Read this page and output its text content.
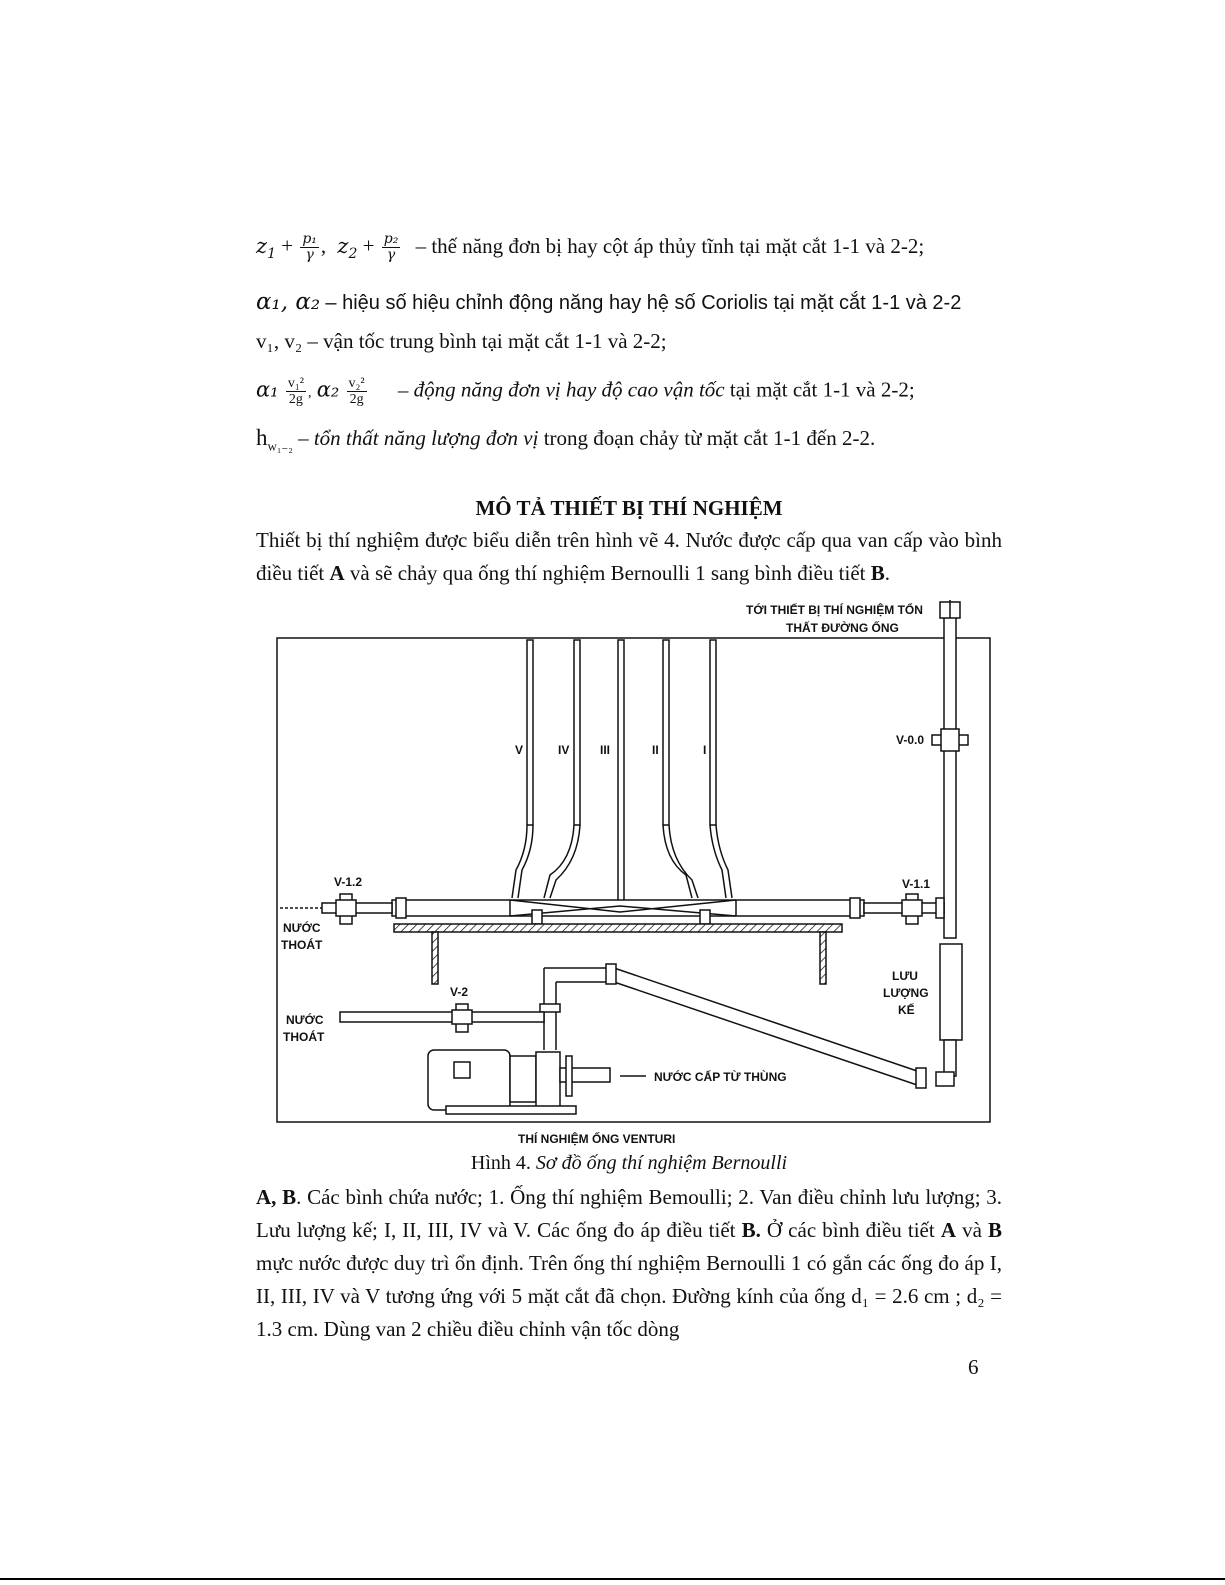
$z_1 + \frac{\text{p₁}}{\gamma}$ , $z_2 + \frac{\text{p₂}}{\gamma}$ – thế năng đơn bị hay cột áp thủy tĩnh tại mặt cắt 1-1 và 2-2;
α₁, α₂ – hiệu số hiệu chỉnh động năng hay hệ số Coriolis tại mặt cắt 1-1 và 2-2
v₁, v₂ – vận tốc trung bình tại mặt cắt 1-1 và 2-2;
$\alpha_1 \frac{\text{v₁²}}{2g}$ , $\alpha_2 \frac{\text{v₂²}}{2g}$ – động năng đơn vị hay độ cao vận tốc tại mặt cắt 1-1 và 2-2;
$h_{w_{1-2}}$ – tổn thất năng lượng đơn vị trong đoạn chảy từ mặt cắt 1-1 đến 2-2.
MÔ TẢ THIẾT BỊ THÍ NGHIỆM
Thiết bị thí nghiệm được biểu diễn trên hình vẽ 4. Nước được cấp qua van cấp vào bình điều tiết A và sẽ chảy qua ống thí nghiệm Bernoulli 1 sang bình điều tiết B.
TỚI THIẾT BỊ THÍ NGHIỆM TỔN
THẤT ĐƯỜNG ỐNG
V	IV	III	II	I
V-0.0
V-1.2	V-1.1
NƯỚC
THOÁT
V-2
NƯỚC
THOÁT
LƯU
LƯỢNG
KẾ
NƯỚC CẤP TỪ THÙNG
THÍ NGHIỆM ỐNG VENTURI
Hình 4. Sơ đồ ống thí nghiệm Bernoulli
A, B. Các bình chứa nước; 1. Ống thí nghiệm Bemoulli; 2. Van điều chỉnh lưu lượng; 3. Lưu lượng kế; I, II, III, IV và V. Các ống đo áp điều tiết B. Ở các bình điều tiết A và B mực nước được duy trì ổn định. Trên ống thí nghiệm Bernoulli 1 có gắn các ống đo áp I, II, III, IV và V tương ứng với 5 mặt cắt đã chọn. Đường kính của ống d₁ = 2.6 cm ; d₂ = 1.3 cm. Dùng van 2 chiều điều chỉnh vận tốc dòng
6
